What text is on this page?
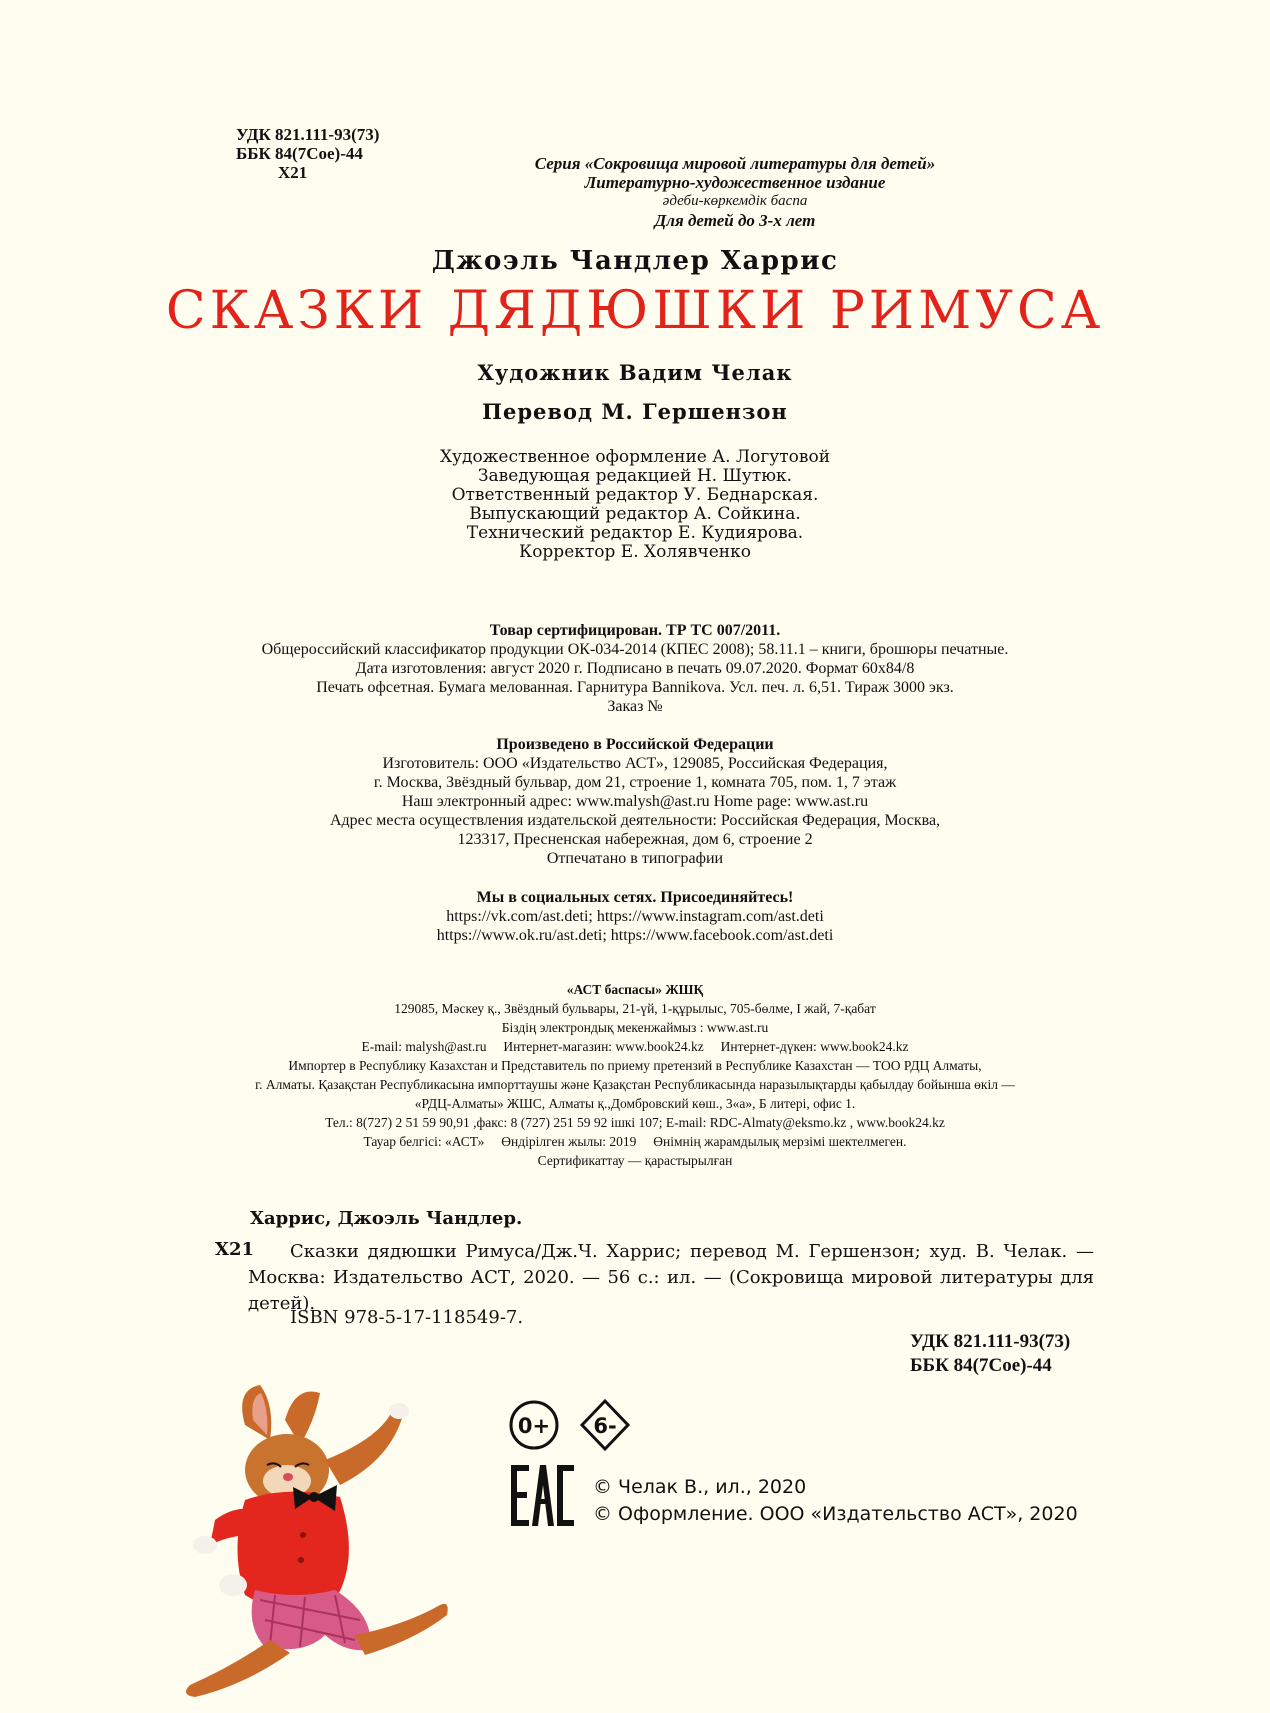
УДК 821.111-93(73)
ББК 84(7Сое)-44
Х21	Серия «Сокровища мировой литературы для детей»
Литературно-художественное издание
әдеби-көркемдік баспа
Для детей до 3-х лет
Джоэль Чандлер Харрис
СКАЗКИ ДЯДЮШКИ РИМУСА
Художник Вадим Челак
Перевод М. Гершензон
Художественное оформление А. Логутовой
Заведующая редакцией Н. Шутюк.
Ответственный редактор У. Беднарская.
Выпускающий редактор А. Сойкина.
Технический редактор Е. Кудиярова.
Корректор Е. Холявченко
Товар сертифицирован. ТР ТС 007/2011.
Общероссийский классификатор продукции ОК-034-2014 (КПЕС 2008); 58.11.1 – книги, брошюры печатные.
Дата изготовления: август 2020 г. Подписано в печать 09.07.2020. Формат 60х84/8
Печать офсетная. Бумага мелованная. Гарнитура Bannikova. Усл. печ. л. 6,51. Тираж 3000 экз.
Заказ №
Произведено в Российской Федерации
Изготовитель: ООО «Издательство АСТ», 129085, Российская Федерация,
г. Москва, Звёздный бульвар, дом 21, строение 1, комната 705, пом. 1, 7 этаж
Наш электронный адрес: www.malysh@ast.ru Home page: www.ast.ru
Адрес места осуществления издательской деятельности: Российская Федерация, Москва,
123317, Пресненская набережная, дом 6, строение 2
Отпечатано в типографии
Мы в социальных сетях. Присоединяйтесь!
https://vk.com/ast.deti; https://www.instagram.com/ast.deti
https://www.ok.ru/ast.deti; https://www.facebook.com/ast.deti
«АСТ баспасы» ЖШҚ
129085, Мәскеу қ., Звёздный бульвары, 21-үй, 1-құрылыс, 705-бөлме, I жай, 7-қабат
Біздің электрондық мекенжаймыз : www.ast.ru
E-mail: malysh@ast.ru     Интернет-магазин: www.book24.kz     Интернет-дүкен: www.book24.kz
Импортер в Республику Казахстан и Представитель по приему претензий в Республике Казахстан — ТОО РДЦ Алматы,
г. Алматы. Қазақстан Республикасына импорттаушы және Қазақстан Республикасында наразылықтарды қабылдау бойынша өкіл —
«РДЦ-Алматы» ЖШС, Алматы қ.,Домбровский көш., 3«а», Б литері, офис 1.
Тел.: 8(727) 2 51 59 90,91 ,факс: 8 (727) 251 59 92 ішкі 107; E-mail: RDC-Almaty@eksmo.kz , www.book24.kz
Тауар белгісі: «АСТ»     Өндірілген жылы: 2019     Өнімнің жарамдылық мерзімі шектелмеген.
Сертификаттау — қарастырылған
Харрис, Джоэль Чандлер.
Х21	Сказки дядюшки Римуса/Дж.Ч. Харрис; перевод М. Гершензон; худ. В. Челак. — Москва: Издательство АСТ, 2020. — 56 с.: ил. — (Сокровища мировой литературы для детей).
ISBN 978-5-17-118549-7.
УДК 821.111-93(73)
ББК 84(7Сое)-44
0+ 6-
© Челак В., ил., 2020
© Оформление. ООО «Издательство АСТ», 2020
